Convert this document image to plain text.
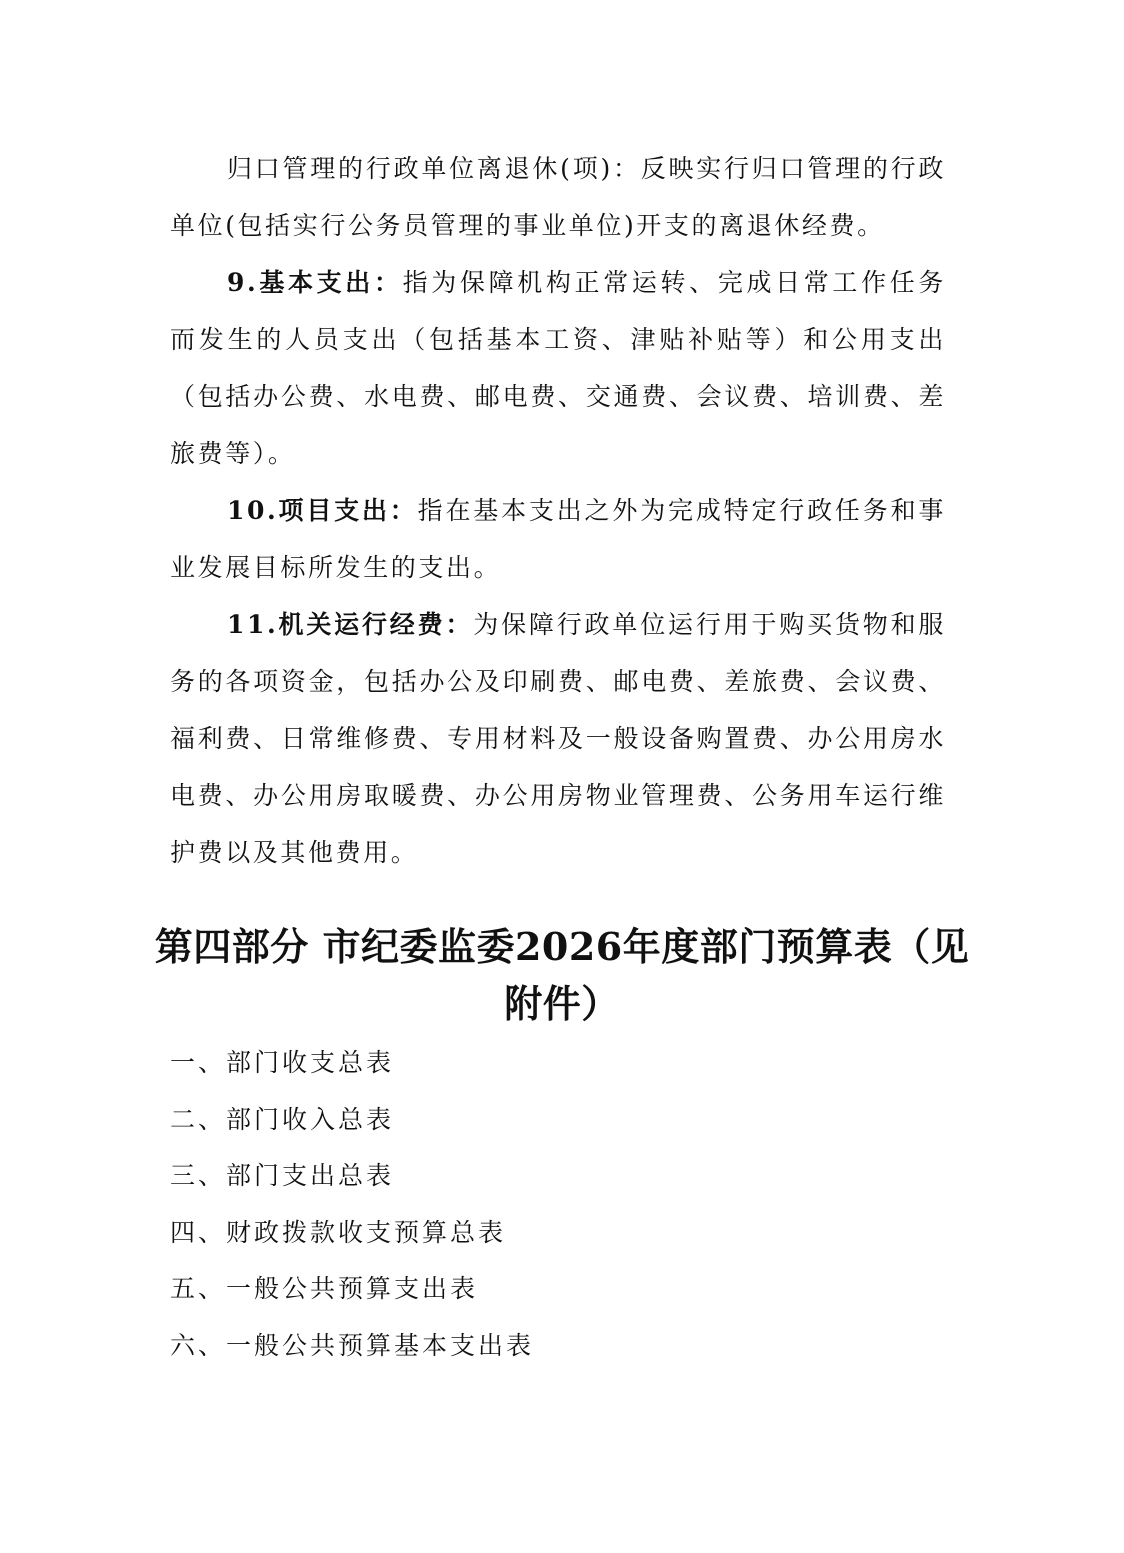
归口管理的行政单位离退休(项)：反映实行归口管理的行政单位(包括实行公务员管理的事业单位)开支的离退休经费。

9.基本支出：指为保障机构正常运转、完成日常工作任务而发生的人员支出（包括基本工资、津贴补贴等）和公用支出（包括办公费、水电费、邮电费、交通费、会议费、培训费、差旅费等）。

10.项目支出：指在基本支出之外为完成特定行政任务和事业发展目标所发生的支出。

11.机关运行经费：为保障行政单位运行用于购买货物和服务的各项资金，包括办公及印刷费、邮电费、差旅费、会议费、福利费、日常维修费、专用材料及一般设备购置费、办公用房水电费、办公用房取暖费、办公用房物业管理费、公务用车运行维护费以及其他费用。

第四部分 市纪委监委2026年度部门预算表（见附件）
一、部门收支总表
二、部门收入总表
三、部门支出总表
四、财政拨款收支预算总表
五、一般公共预算支出表
六、一般公共预算基本支出表
